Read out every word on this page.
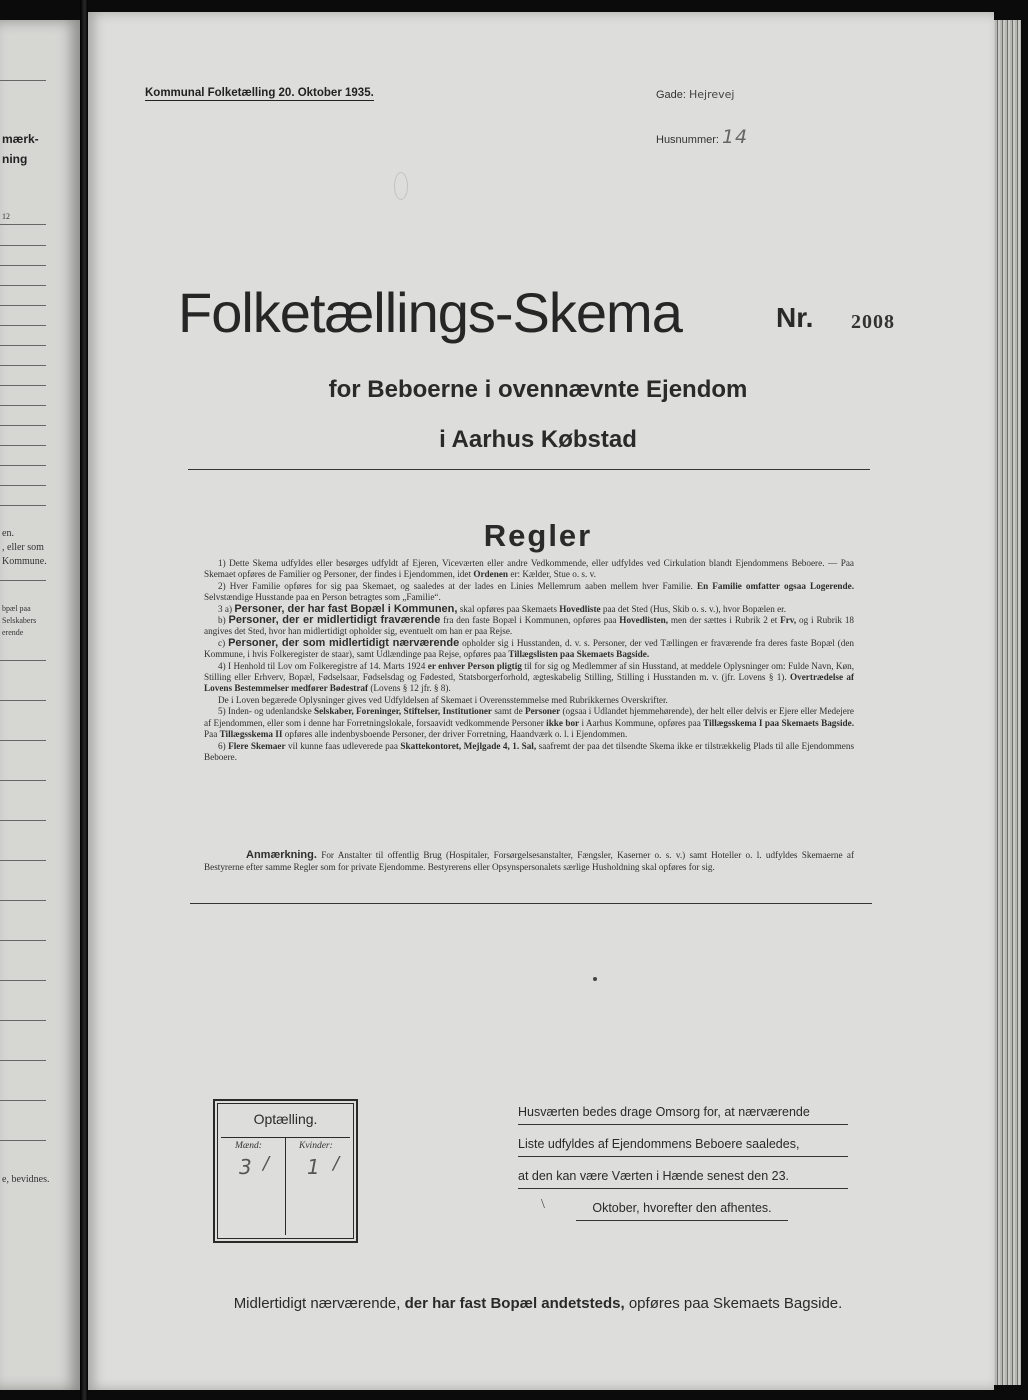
mærk-
ning
12
en.
, eller som
Kommune.
bpæl paa
Selskabers
erende
e, bevidnes.
Kommunal Folketælling 20. Oktober 1935.	Gade: Hejrevej
Husnummer: 14
Folketællings-Skema	Nr. 2008
for Beboerne i ovennævnte Ejendom
i Aarhus Købstad
Regler

1) Dette Skema udfyldes eller besørges udfyldt af Ejeren, Viceværten eller andre Vedkommende, eller udfyldes ved Cirkulation blandt Ejendommens Beboere. — Paa Skemaet opføres de Familier og Personer, der findes i Ejendommen, idet Ordenen er: Kælder, Stue o. s. v.

2) Hver Familie opføres for sig paa Skemaet, og saaledes at der lades en Linies Mellemrum aaben mellem hver Familie. En Familie omfatter ogsaa Logerende. Selvstændige Husstande paa en Person betragtes som „Familie“.

3 a) Personer, der har fast Bopæl i Kommunen, skal opføres paa Skemaets Hovedliste paa det Sted (Hus, Skib o. s. v.), hvor Bopælen er.

b) Personer, der er midlertidigt fraværende fra den faste Bopæl i Kommunen, opføres paa Hovedlisten, men der sættes i Rubrik 2 et Frv, og i Rubrik 18 angives det Sted, hvor han midlertidigt opholder sig, eventuelt om han er paa Rejse.

c) Personer, der som midlertidigt nærværende opholder sig i Husstanden, d. v. s. Personer, der ved Tællingen er fraværende fra deres faste Bopæl (den Kommune, i hvis Folkeregister de staar), samt Udlændinge paa Rejse, opføres paa Tillægslisten paa Skemaets Bagside.

4) I Henhold til Lov om Folkeregistre af 14. Marts 1924 er enhver Person pligtig til for sig og Medlemmer af sin Husstand, at meddele Oplysninger om: Fulde Navn, Køn, Stilling eller Erhverv, Bopæl, Fødselsaar, Fødselsdag og Fødested, Statsborgerforhold, ægteskabelig Stilling, Stilling i Husstanden m. v. (jfr. Lovens § 1). Overtrædelse af Lovens Bestemmelser medfører Bødestraf (Lovens § 12 jfr. § 8).

De i Loven begærede Oplysninger gives ved Udfyldelsen af Skemaet i Overensstemmelse med Rubrikkernes Overskrifter.

5) Inden- og udenlandske Selskaber, Foreninger, Stiftelser, Institutioner samt de Personer (ogsaa i Udlandet hjemmehørende), der helt eller delvis er Ejere eller Medejere af Ejendommen, eller som i denne har Forretningslokale, forsaavidt vedkommende Personer ikke bor i Aarhus Kommune, opføres paa Tillægsskema I paa Skemaets Bagside. Paa Tillægsskema II opføres alle indenbysboende Personer, der driver Forretning, Haandværk o. l. i Ejendommen.

6) Flere Skemaer vil kunne faas udleverede paa Skattekontoret, Mejlgade 4, 1. Sal, saafremt der paa det tilsendte Skema ikke er tilstrækkelig Plads til alle Ejendommens Beboere.

Anmærkning. For Anstalter til offentlig Brug (Hospitaler, Forsørgelsesanstalter, Fængsler, Kaserner o. s. v.) samt Hoteller o. l. udfyldes Skemaerne af Bestyrerne efter samme Regler som for private Ejendomme. Bestyrerens eller Opsynspersonalets særlige Husholdning skal opføres for sig.
Optælling.
Mænd:	Kvinder:
3 / 1 /
Husværten bedes drage Omsorg for, at nærværende
Liste udfyldes af Ejendommens Beboere saaledes,
at den kan være Værten i Hænde senest den 23.
Oktober, hvorefter den afhentes.
\
Midlertidigt nærværende, der har fast Bopæl andetsteds, opføres paa Skemaets Bagside.
